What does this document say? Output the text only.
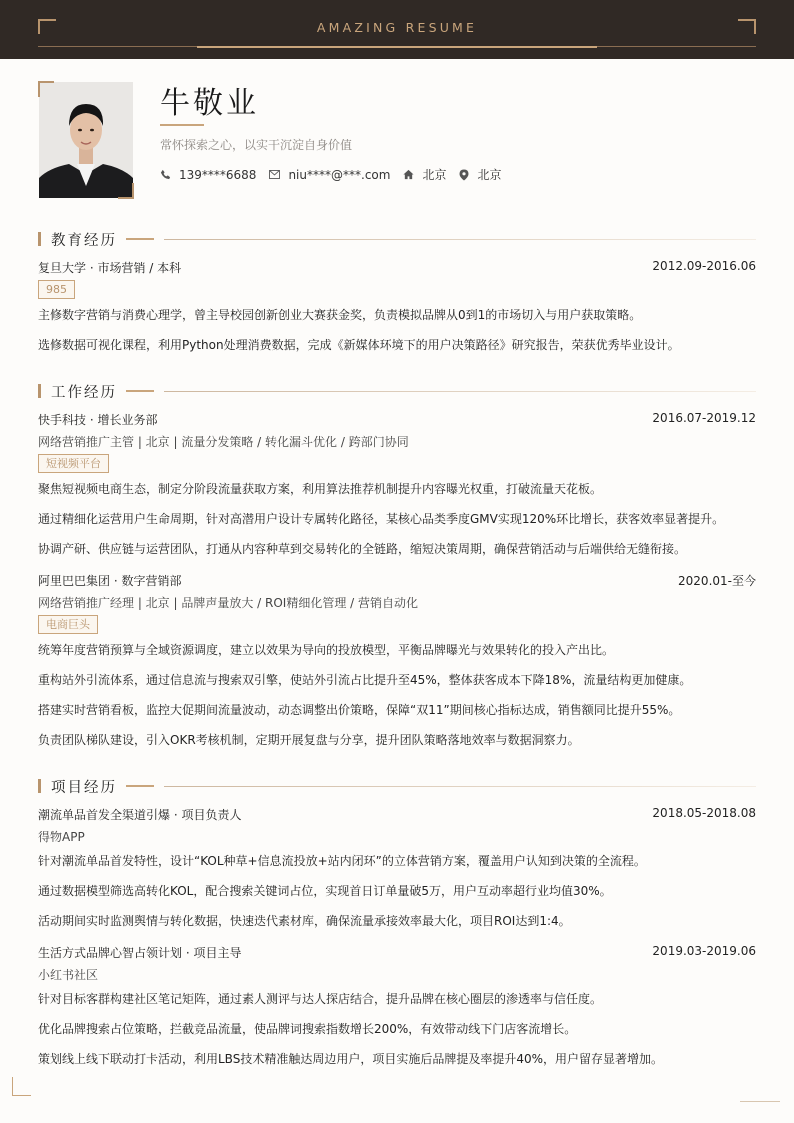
AMAZING RESUME
牛敬业
常怀探索之心，以实干沉淀自身价值
139****6688	niu****@***.com	北京	北京
教育经历
复旦大学 · 市场营销 / 本科	2012.09-2016.06
985
主修数字营销与消费心理学，曾主导校园创新创业大赛获金奖，负责模拟品牌从0到1的市场切入与用户获取策略。
选修数据可视化课程，利用Python处理消费数据，完成《新媒体环境下的用户决策路径》研究报告，荣获优秀毕业设计。
工作经历
快手科技 · 增长业务部	2016.07-2019.12
网络营销推广主管 | 北京 | 流量分发策略 / 转化漏斗优化 / 跨部门协同
短视频平台
聚焦短视频电商生态，制定分阶段流量获取方案，利用算法推荐机制提升内容曝光权重，打破流量天花板。
通过精细化运营用户生命周期，针对高潜用户设计专属转化路径，某核心品类季度GMV实现120%环比增长，获客效率显著提升。
协调产研、供应链与运营团队，打通从内容种草到交易转化的全链路，缩短决策周期，确保营销活动与后端供给无缝衔接。
阿里巴巴集团 · 数字营销部	2020.01-至今
网络营销推广经理 | 北京 | 品牌声量放大 / ROI精细化管理 / 营销自动化
电商巨头
统筹年度营销预算与全域资源调度，建立以效果为导向的投放模型，平衡品牌曝光与效果转化的投入产出比。
重构站外引流体系，通过信息流与搜索双引擎，使站外引流占比提升至45%，整体获客成本下降18%，流量结构更加健康。
搭建实时营销看板，监控大促期间流量波动，动态调整出价策略，保障“双11”期间核心指标达成，销售额同比提升55%。
负责团队梯队建设，引入OKR考核机制，定期开展复盘与分享，提升团队策略落地效率与数据洞察力。
项目经历
潮流单品首发全渠道引爆 · 项目负责人	2018.05-2018.08
得物APP
针对潮流单品首发特性，设计“KOL种草+信息流投放+站内闭环”的立体营销方案，覆盖用户认知到决策的全流程。
通过数据模型筛选高转化KOL，配合搜索关键词占位，实现首日订单量破5万，用户互动率超行业均值30%。
活动期间实时监测舆情与转化数据，快速迭代素材库，确保流量承接效率最大化，项目ROI达到1:4。
生活方式品牌心智占领计划 · 项目主导	2019.03-2019.06
小红书社区
针对目标客群构建社区笔记矩阵，通过素人测评与达人探店结合，提升品牌在核心圈层的渗透率与信任度。
优化品牌搜索占位策略，拦截竞品流量，使品牌词搜索指数增长200%，有效带动线下门店客流增长。
策划线上线下联动打卡活动，利用LBS技术精准触达周边用户，项目实施后品牌提及率提升40%，用户留存显著增加。
